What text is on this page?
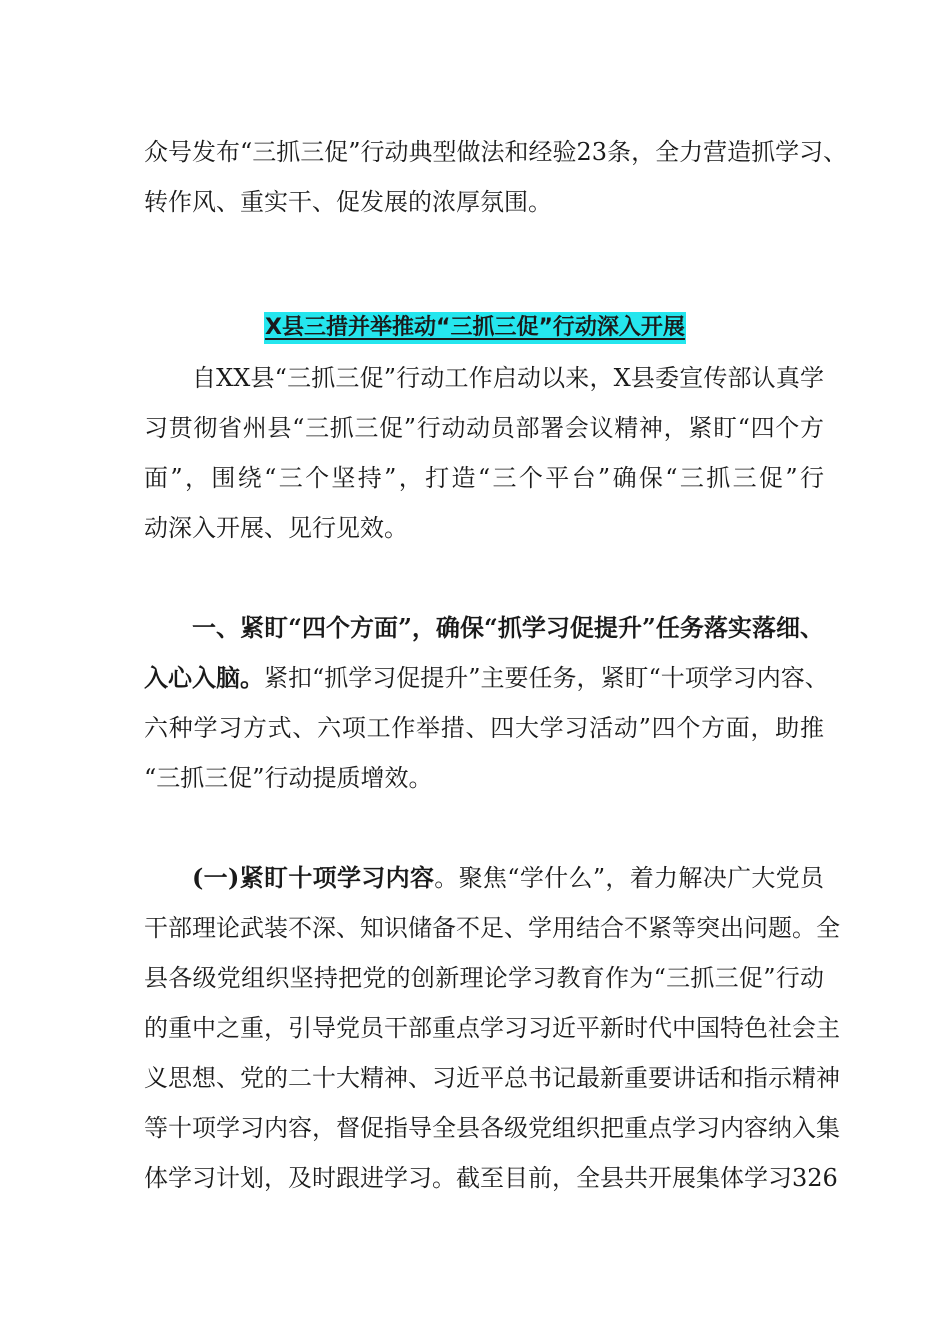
众号发布“三抓三促”行动典型做法和经验23条，全力营造抓学习、
转作风、重实干、促发展的浓厚氛围。
X县三措并举推动“三抓三促”行动深入开展
自XX县“三抓三促”行动工作启动以来，X县委宣传部认真学
习贯彻省州县“三抓三促”行动动员部署会议精神，紧盯“四个方
面”，围绕“三个坚持”，打造“三个平台”确保“三抓三促”行
动深入开展、见行见效。
一、紧盯“四个方面”，确保“抓学习促提升”任务落实落细、
入心入脑。紧扣“抓学习促提升”主要任务，紧盯“十项学习内容、
六种学习方式、六项工作举措、四大学习活动”四个方面，助推
“三抓三促”行动提质增效。
(一)紧盯十项学习内容。聚焦“学什么”，着力解决广大党员
干部理论武装不深、知识储备不足、学用结合不紧等突出问题。全
县各级党组织坚持把党的创新理论学习教育作为“三抓三促”行动
的重中之重，引导党员干部重点学习习近平新时代中国特色社会主
义思想、党的二十大精神、习近平总书记最新重要讲话和指示精神
等十项学习内容，督促指导全县各级党组织把重点学习内容纳入集
体学习计划，及时跟进学习。截至目前，全县共开展集体学习326
